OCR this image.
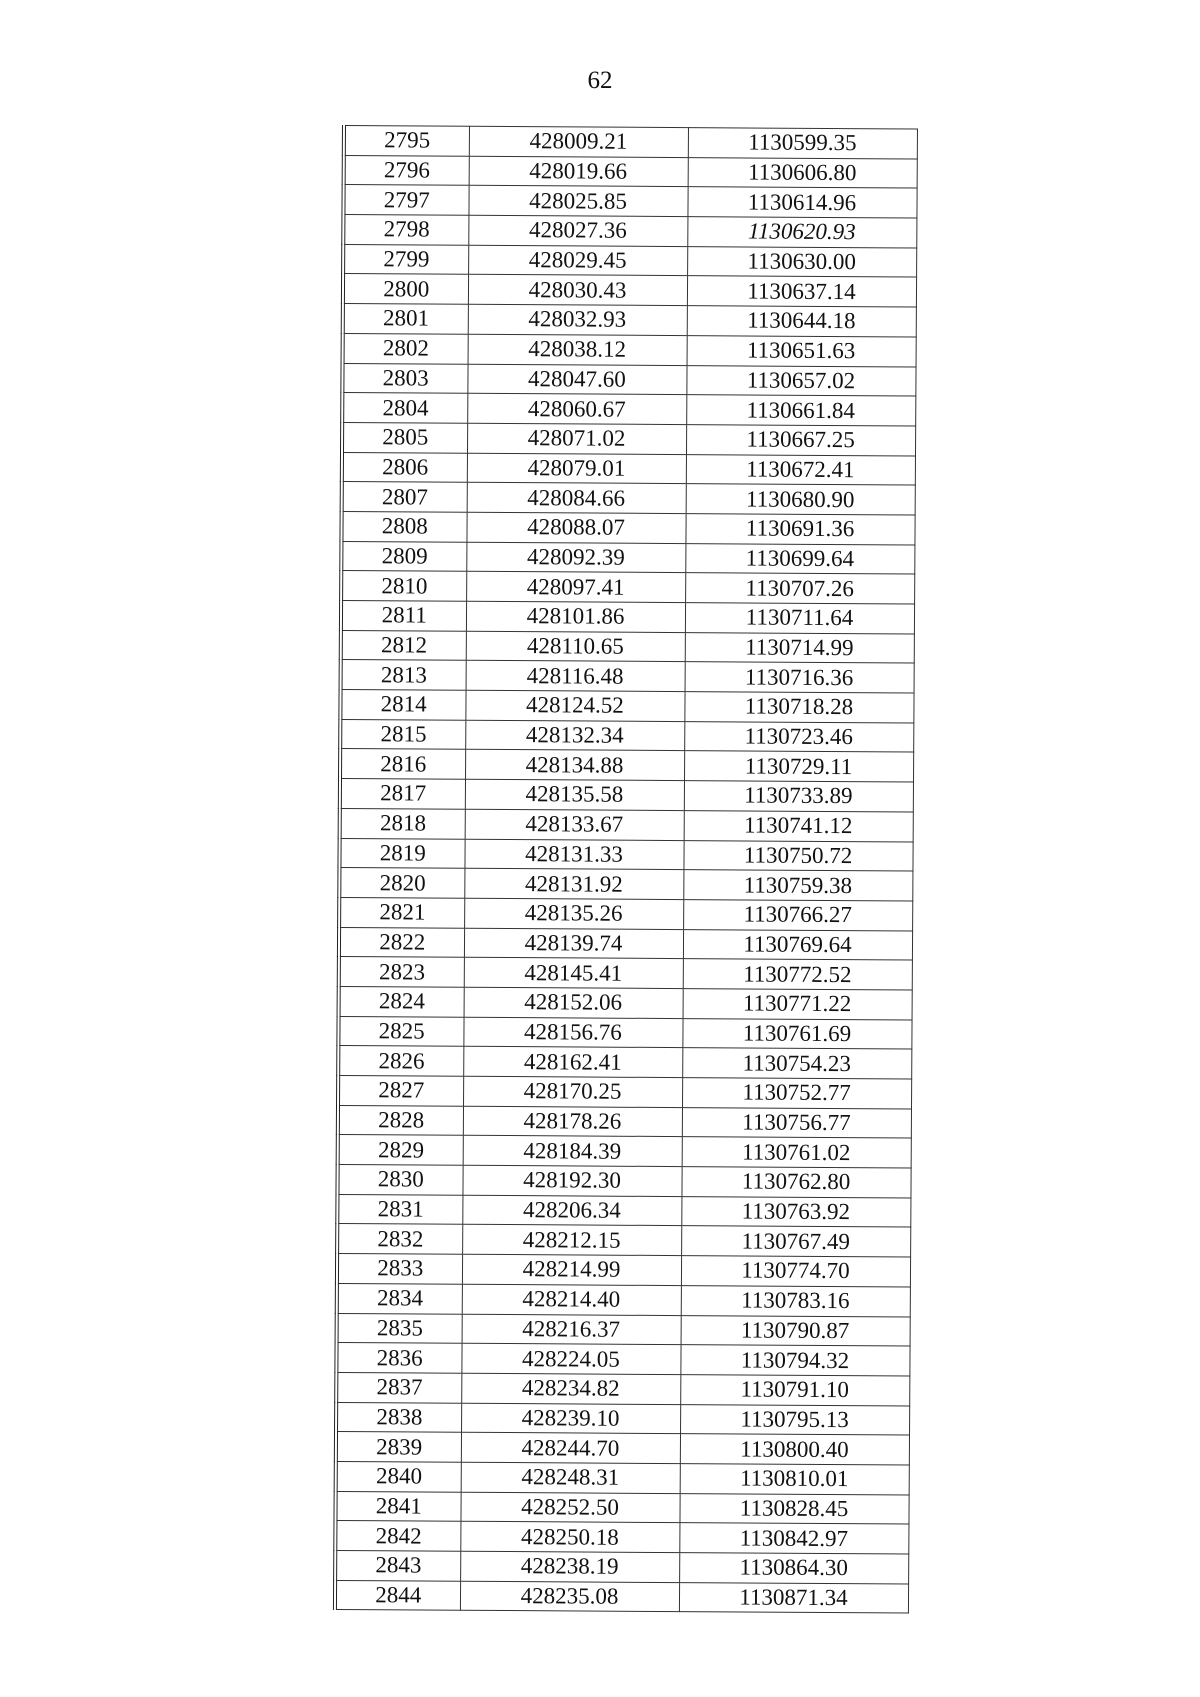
62
2795	428009.21	1130599.35
2796	428019.66	1130606.80
2797	428025.85	1130614.96
2798	428027.36	1130620.93
2799	428029.45	1130630.00
2800	428030.43	1130637.14
2801	428032.93	1130644.18
2802	428038.12	1130651.63
2803	428047.60	1130657.02
2804	428060.67	1130661.84
2805	428071.02	1130667.25
2806	428079.01	1130672.41
2807	428084.66	1130680.90
2808	428088.07	1130691.36
2809	428092.39	1130699.64
2810	428097.41	1130707.26
2811	428101.86	1130711.64
2812	428110.65	1130714.99
2813	428116.48	1130716.36
2814	428124.52	1130718.28
2815	428132.34	1130723.46
2816	428134.88	1130729.11
2817	428135.58	1130733.89
2818	428133.67	1130741.12
2819	428131.33	1130750.72
2820	428131.92	1130759.38
2821	428135.26	1130766.27
2822	428139.74	1130769.64
2823	428145.41	1130772.52
2824	428152.06	1130771.22
2825	428156.76	1130761.69
2826	428162.41	1130754.23
2827	428170.25	1130752.77
2828	428178.26	1130756.77
2829	428184.39	1130761.02
2830	428192.30	1130762.80
2831	428206.34	1130763.92
2832	428212.15	1130767.49
2833	428214.99	1130774.70
2834	428214.40	1130783.16
2835	428216.37	1130790.87
2836	428224.05	1130794.32
2837	428234.82	1130791.10
2838	428239.10	1130795.13
2839	428244.70	1130800.40
2840	428248.31	1130810.01
2841	428252.50	1130828.45
2842	428250.18	1130842.97
2843	428238.19	1130864.30
2844	428235.08	1130871.34
